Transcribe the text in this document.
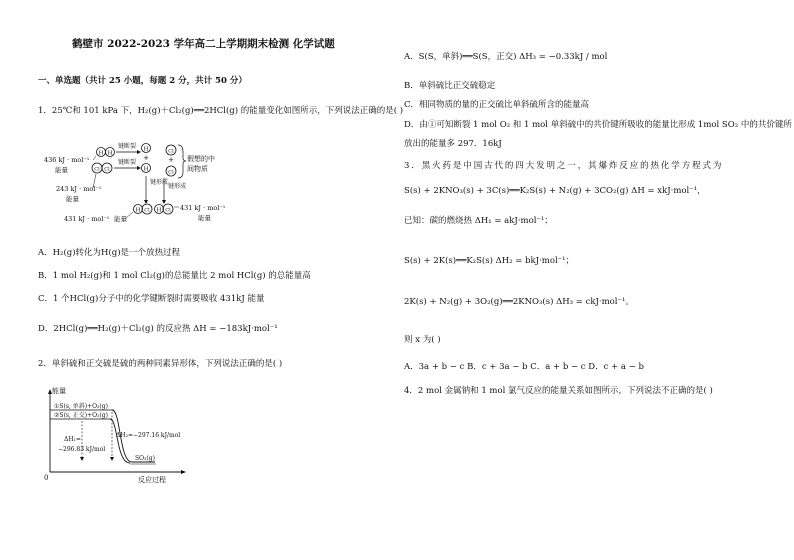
鹤壁市 2022-2023 学年高二上学期期末检测 化学试题
一、单选题（共计 25 小题，每题 2 分，共计 50 分）
1．25℃和 101 kPa 下，H₂(g)＋Cl₂(g)══2HCl(g) 的能量变化如图所示，下列说法正确的是( )
H H
键断裂 H
+
H
Cl Cl
键断裂
Cl
+
Cl
假想的中
间物质
436 kJ · mol⁻¹
能量
243 kJ · mol⁻¹
能量
键形成
键形成
H Cl H Cl 431 kJ · mol⁻¹
能量
431 kJ · mol⁻¹ 能量
A．H₂(g)转化为H(g)是一个放热过程
B．1 mol H₂(g)和 1 mol Cl₂(g)的总能量比 2 mol HCl(g) 的总能量高
C．1 个HCl(g)分子中的化学键断裂时需要吸收 431kJ 能量
D．2HCl(g)══H₂(g)＋Cl₂(g) 的反应热 ΔH = −183kJ·mol⁻¹
2．单斜硫和正交硫是硫的两种同素异形体，下列说法正确的是( )
能量
0	反应过程
①S(s, 单斜)+O₂(g)
②S(s, 正交)+O₂(g)
SO₂(g)
ΔH₁=
−296.83 kJ/mol
ΔH₂=−297.16 kJ/mol
A．S(S，单斜)══S(S，正交) ΔH₃ = −0.33kJ / mol
B．单斜硫比正交硫稳定
C．相同物质的量的正交硫比单斜硫所含的能量高
D．由①可知断裂 1 mol O₂ 和 1 mol 单斜硫中的共价键所吸收的能量比形成 1mol SO₂ 中的共价键所
放出的能量多 297．16kJ
3．黑火药是中国古代的四大发明之一，其爆炸反应的热化学方程式为
S(s) + 2KNO₃(s) + 3C(s)══K₂S(s) + N₂(g) + 3CO₂(g) ΔH = xkJ·mol⁻¹，
已知：碳的燃烧热 ΔH₁ = akJ·mol⁻¹；
S(s) + 2K(s)══K₂S(s) ΔH₂ = bkJ·mol⁻¹；
2K(s) + N₂(g) + 3O₂(g)══2KNO₃(s) ΔH₃ = ckJ·mol⁻¹。
则 x 为( )
A．3a + b − c B．c + 3a − b C．a + b − c D．c + a − b
4．2 mol 金属钠和 1 mol 氯气反应的能量关系如图所示，下列说法不正确的是( )
